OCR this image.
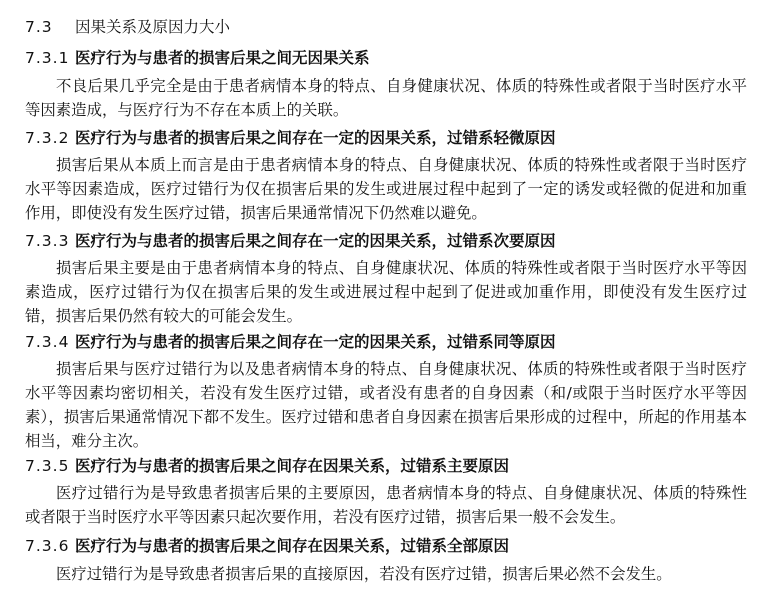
7.3 因果关系及原因力大小
7.3.1 医疗行为与患者的损害后果之间无因果关系

不良后果几乎完全是由于患者病情本身的特点、自身健康状况、体质的特殊性或者限于当时医疗水平等因素造成，与医疗行为不存在本质上的关联。

7.3.2 医疗行为与患者的损害后果之间存在一定的因果关系，过错系轻微原因

损害后果从本质上而言是由于患者病情本身的特点、自身健康状况、体质的特殊性或者限于当时医疗水平等因素造成，医疗过错行为仅在损害后果的发生或进展过程中起到了一定的诱发或轻微的促进和加重作用，即使没有发生医疗过错，损害后果通常情况下仍然难以避免。

7.3.3 医疗行为与患者的损害后果之间存在一定的因果关系，过错系次要原因

损害后果主要是由于患者病情本身的特点、自身健康状况、体质的特殊性或者限于当时医疗水平等因素造成，医疗过错行为仅在损害后果的发生或进展过程中起到了促进或加重作用，即使没有发生医疗过错，损害后果仍然有较大的可能会发生。

7.3.4 医疗行为与患者的损害后果之间存在一定的因果关系，过错系同等原因

损害后果与医疗过错行为以及患者病情本身的特点、自身健康状况、体质的特殊性或者限于当时医疗水平等因素均密切相关，若没有发生医疗过错，或者没有患者的自身因素（和/或限于当时医疗水平等因素），损害后果通常情况下都不发生。医疗过错和患者自身因素在损害后果形成的过程中，所起的作用基本相当，难分主次。

7.3.5 医疗行为与患者的损害后果之间存在因果关系，过错系主要原因

医疗过错行为是导致患者损害后果的主要原因，患者病情本身的特点、自身健康状况、体质的特殊性或者限于当时医疗水平等因素只起次要作用，若没有医疗过错，损害后果一般不会发生。

7.3.6 医疗行为与患者的损害后果之间存在因果关系，过错系全部原因

医疗过错行为是导致患者损害后果的直接原因，若没有医疗过错，损害后果必然不会发生。
